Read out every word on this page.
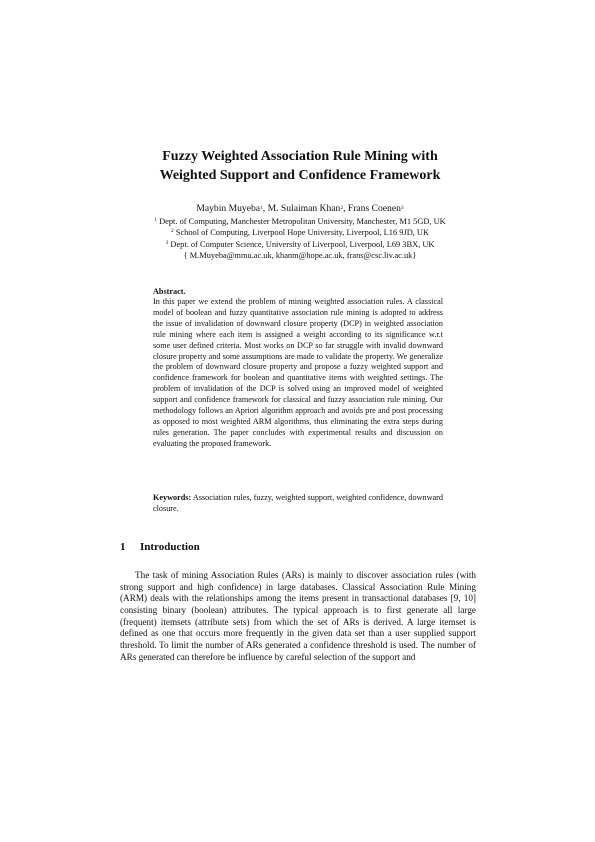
Fuzzy Weighted Association Rule Mining with
Weighted Support and Confidence Framework
Maybin Muyeba$^1$, M. Sulaiman Khan$^2$, Frans Coenen$^3$
$^1$ Dept. of Computing, Manchester Metropolitan University, Manchester, M1 5GD, UK
$^2$ School of Computing, Liverpool Hope University, Liverpool, L16 9JD, UK
$^3$ Dept. of Computer Science, University of Liverpool, Liverpool, L69 3BX, UK
{ M.Muyeba@mmu.ac.uk, khanm@hope.ac.uk, frans@csc.liv.ac.uk}
Abstract.
In this paper we extend the problem of mining weighted association rules. A classical model of boolean and fuzzy quantitative association rule mining is adopted to address the issue of invalidation of downward closure property (DCP) in weighted association rule mining where each item is assigned a weight according to its significance w.r.t some user defined criteria. Most works on DCP so far struggle with invalid downward closure property and some assumptions are made to validate the property. We generalize the problem of downward closure property and propose a fuzzy weighted support and confidence framework for boolean and quantitative items with weighted settings. The problem of invalidation of the DCP is solved using an improved model of weighted support and confidence framework for classical and fuzzy association rule mining. Our methodology follows an Apriori algorithm approach and avoids pre and post processing as opposed to most weighted ARM algorithms, thus eliminating the extra steps during rules generation. The paper concludes with experimental results and discussion on evaluating the proposed framework.
Keywords: Association rules, fuzzy, weighted support, weighted confidence, downward closure.
1 Introduction
The task of mining Association Rules (ARs) is mainly to discover association rules (with strong support and high confidence) in large databases. Classical Association Rule Mining (ARM) deals with the relationships among the items present in transactional databases [9, 10] consisting binary (boolean) attributes. The typical approach is to first generate all large (frequent) itemsets (attribute sets) from which the set of ARs is derived. A large itemset is defined as one that occurs more frequently in the given data set than a user supplied support threshold. To limit the number of ARs generated a confidence threshold is used. The number of ARs generated can therefore be influence by careful selection of the support and
